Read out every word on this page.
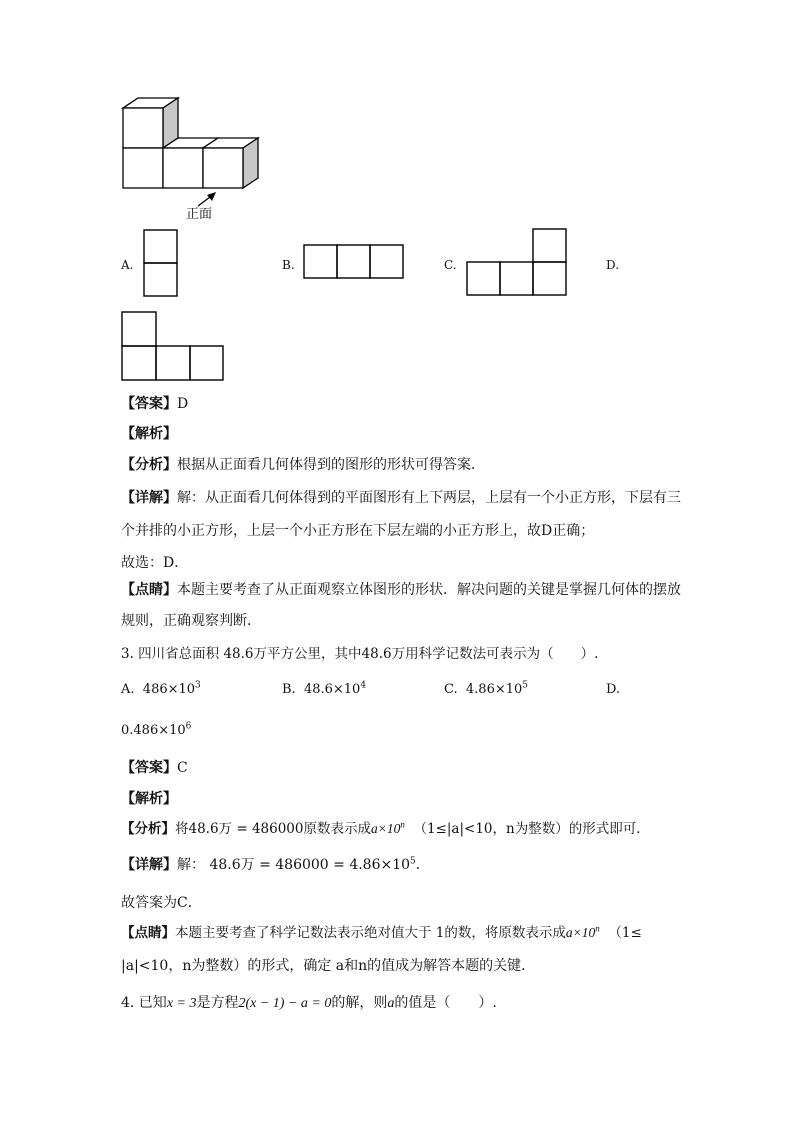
正面
A.	B.	C.	D.
【答案】D
【解析】
【分析】根据从正面看几何体得到的图形的形状可得答案．
【详解】解：从正面看几何体得到的平面图形有上下两层，上层有一个小正方形，下层有三
个并排的小正方形，上层一个小正方形在下层左端的小正方形上，故D正确；
故选：D．
【点睛】本题主要考查了从正面观察立体图形的形状．解决问题的关键是掌握几何体的摆放
规则，正确观察判断．
3. 四川省总面积 48.6万平方公里，其中48.6万用科学记数法可表示为（　　）.
A. $486\times 10^3$	B. $48.6\times 10^4$	C. $4.86\times 10^5$	D.
$0.486\times 10^6$
【答案】C
【解析】
【分析】将48.6万 = 486000原数表示成$a\times 10^n$ （1≤|a|<10，n为整数）的形式即可．
【详解】解： 48.6万 = $486000 = 4.86\times 10^5$．
故答案为C．
【点睛】本题主要考查了科学记数法表示绝对值大于 1的数，将原数表示成$a\times 10^n$ （1≤
|a|<10，n为整数）的形式，确定 a和n的值成为解答本题的关键．
4. 已知x = 3是方程2(x − 1) − a = 0的解，则a的值是（　　）.
